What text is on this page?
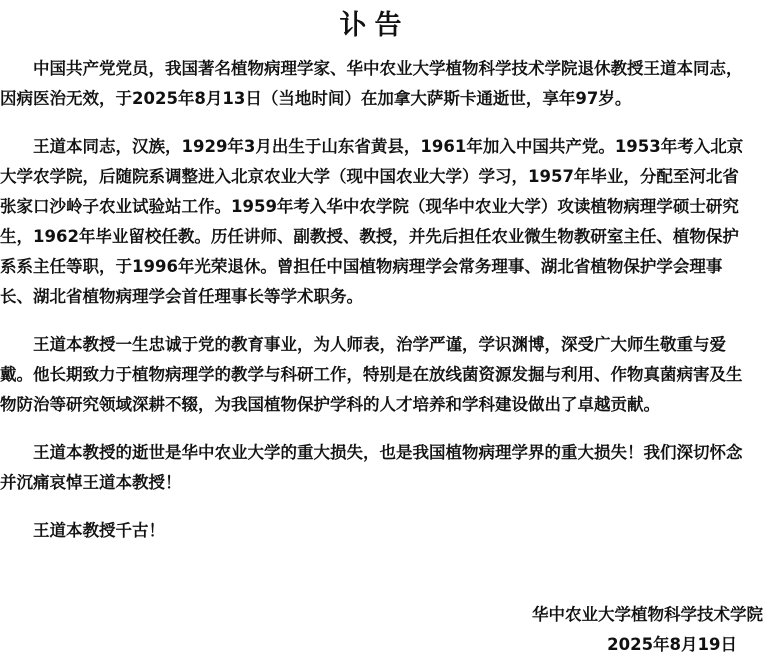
讣告
中国共产党党员，我国著名植物病理学家、华中农业大学植物科学技术学院退休教授王道本同志，因病医治无效，于2025年8月13日（当地时间）在加拿大萨斯卡通逝世，享年97岁。
王道本同志，汉族，1929年3月出生于山东省黄县，1961年加入中国共产党。1953年考入北京大学农学院，后随院系调整进入北京农业大学（现中国农业大学）学习，1957年毕业，分配至河北省张家口沙岭子农业试验站工作。1959年考入华中农学院（现华中农业大学）攻读植物病理学硕士研究生，1962年毕业留校任教。历任讲师、副教授、教授，并先后担任农业微生物教研室主任、植物保护系系主任等职，于1996年光荣退休。曾担任中国植物病理学会常务理事、湖北省植物保护学会理事长、湖北省植物病理学会首任理事长等学术职务。
王道本教授一生忠诚于党的教育事业，为人师表，治学严谨，学识渊博，深受广大师生敬重与爱戴。他长期致力于植物病理学的教学与科研工作，特别是在放线菌资源发掘与利用、作物真菌病害及生物防治等研究领域深耕不辍，为我国植物保护学科的人才培养和学科建设做出了卓越贡献。
王道本教授的逝世是华中农业大学的重大损失，也是我国植物病理学界的重大损失！我们深切怀念并沉痛哀悼王道本教授！
王道本教授千古！
华中农业大学植物科学技术学院
2025年8月19日
